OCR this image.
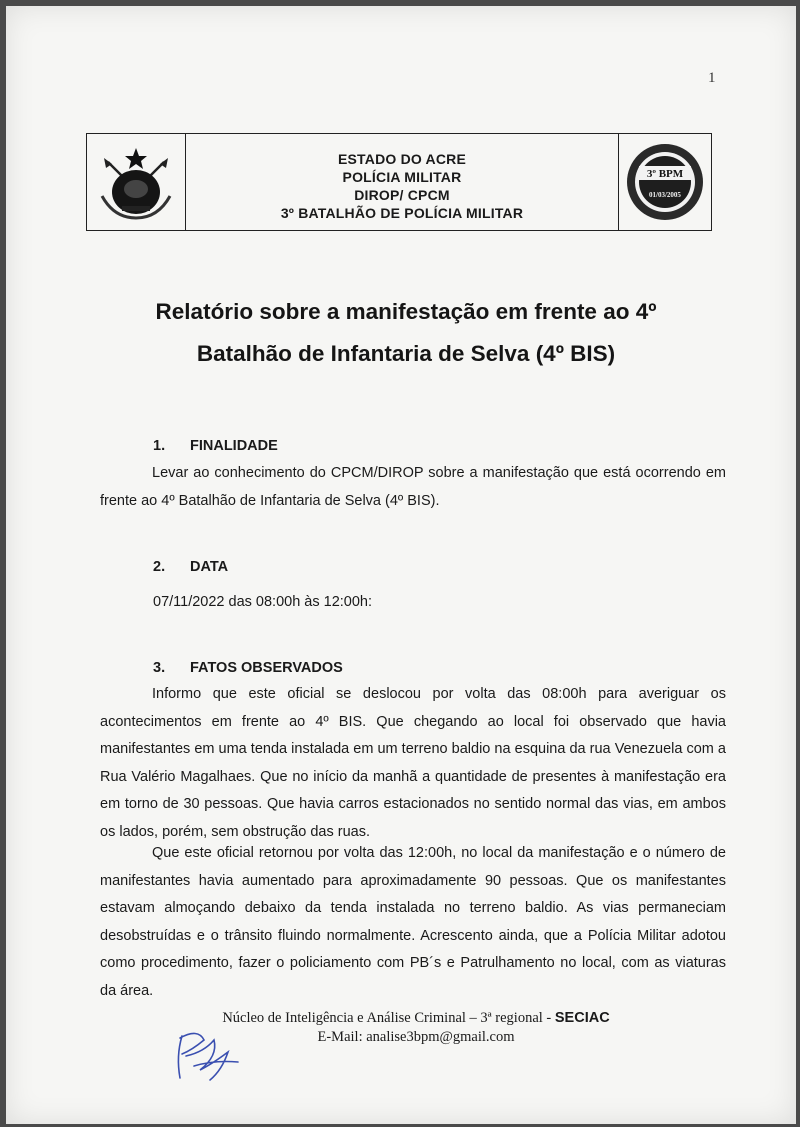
1
ESTADO DO ACRE
POLÍCIA MILITAR
DIROP/ CPCM
3º BATALHÃO DE POLÍCIA MILITAR
3º BPM
01/03/2005
Relatório sobre a manifestação em frente ao 4º
Batalhão de Infantaria de Selva (4º BIS)
1. FINALIDADE
Levar ao conhecimento do CPCM/DIROP sobre a manifestação que está ocorrendo em frente ao 4º Batalhão de Infantaria de Selva (4º BIS).
2. DATA
07/11/2022 das 08:00h às 12:00h:
3. FATOS OBSERVADOS
Informo que este oficial se deslocou por volta das 08:00h para averiguar os acontecimentos em frente ao 4º BIS. Que chegando ao local foi observado que havia manifestantes em uma tenda instalada em um terreno baldio na esquina da rua Venezuela com a Rua Valério Magalhaes. Que no início da manhã a quantidade de presentes à manifestação era em torno de 30 pessoas. Que havia carros estacionados no sentido normal das vias, em ambos os lados, porém, sem obstrução das ruas.
Que este oficial retornou por volta das 12:00h, no local da manifestação e o número de manifestantes havia aumentado para aproximadamente 90 pessoas. Que os manifestantes estavam almoçando debaixo da tenda instalada no terreno baldio. As vias permaneciam desobstruídas e o trânsito fluindo normalmente. Acrescento ainda, que a Polícia Militar adotou como procedimento, fazer o policiamento com PB´s e Patrulhamento no local, com as viaturas da área.
Núcleo de Inteligência e Análise Criminal – 3ª regional - SECIAC
E-Mail: analise3bpm@gmail.com
